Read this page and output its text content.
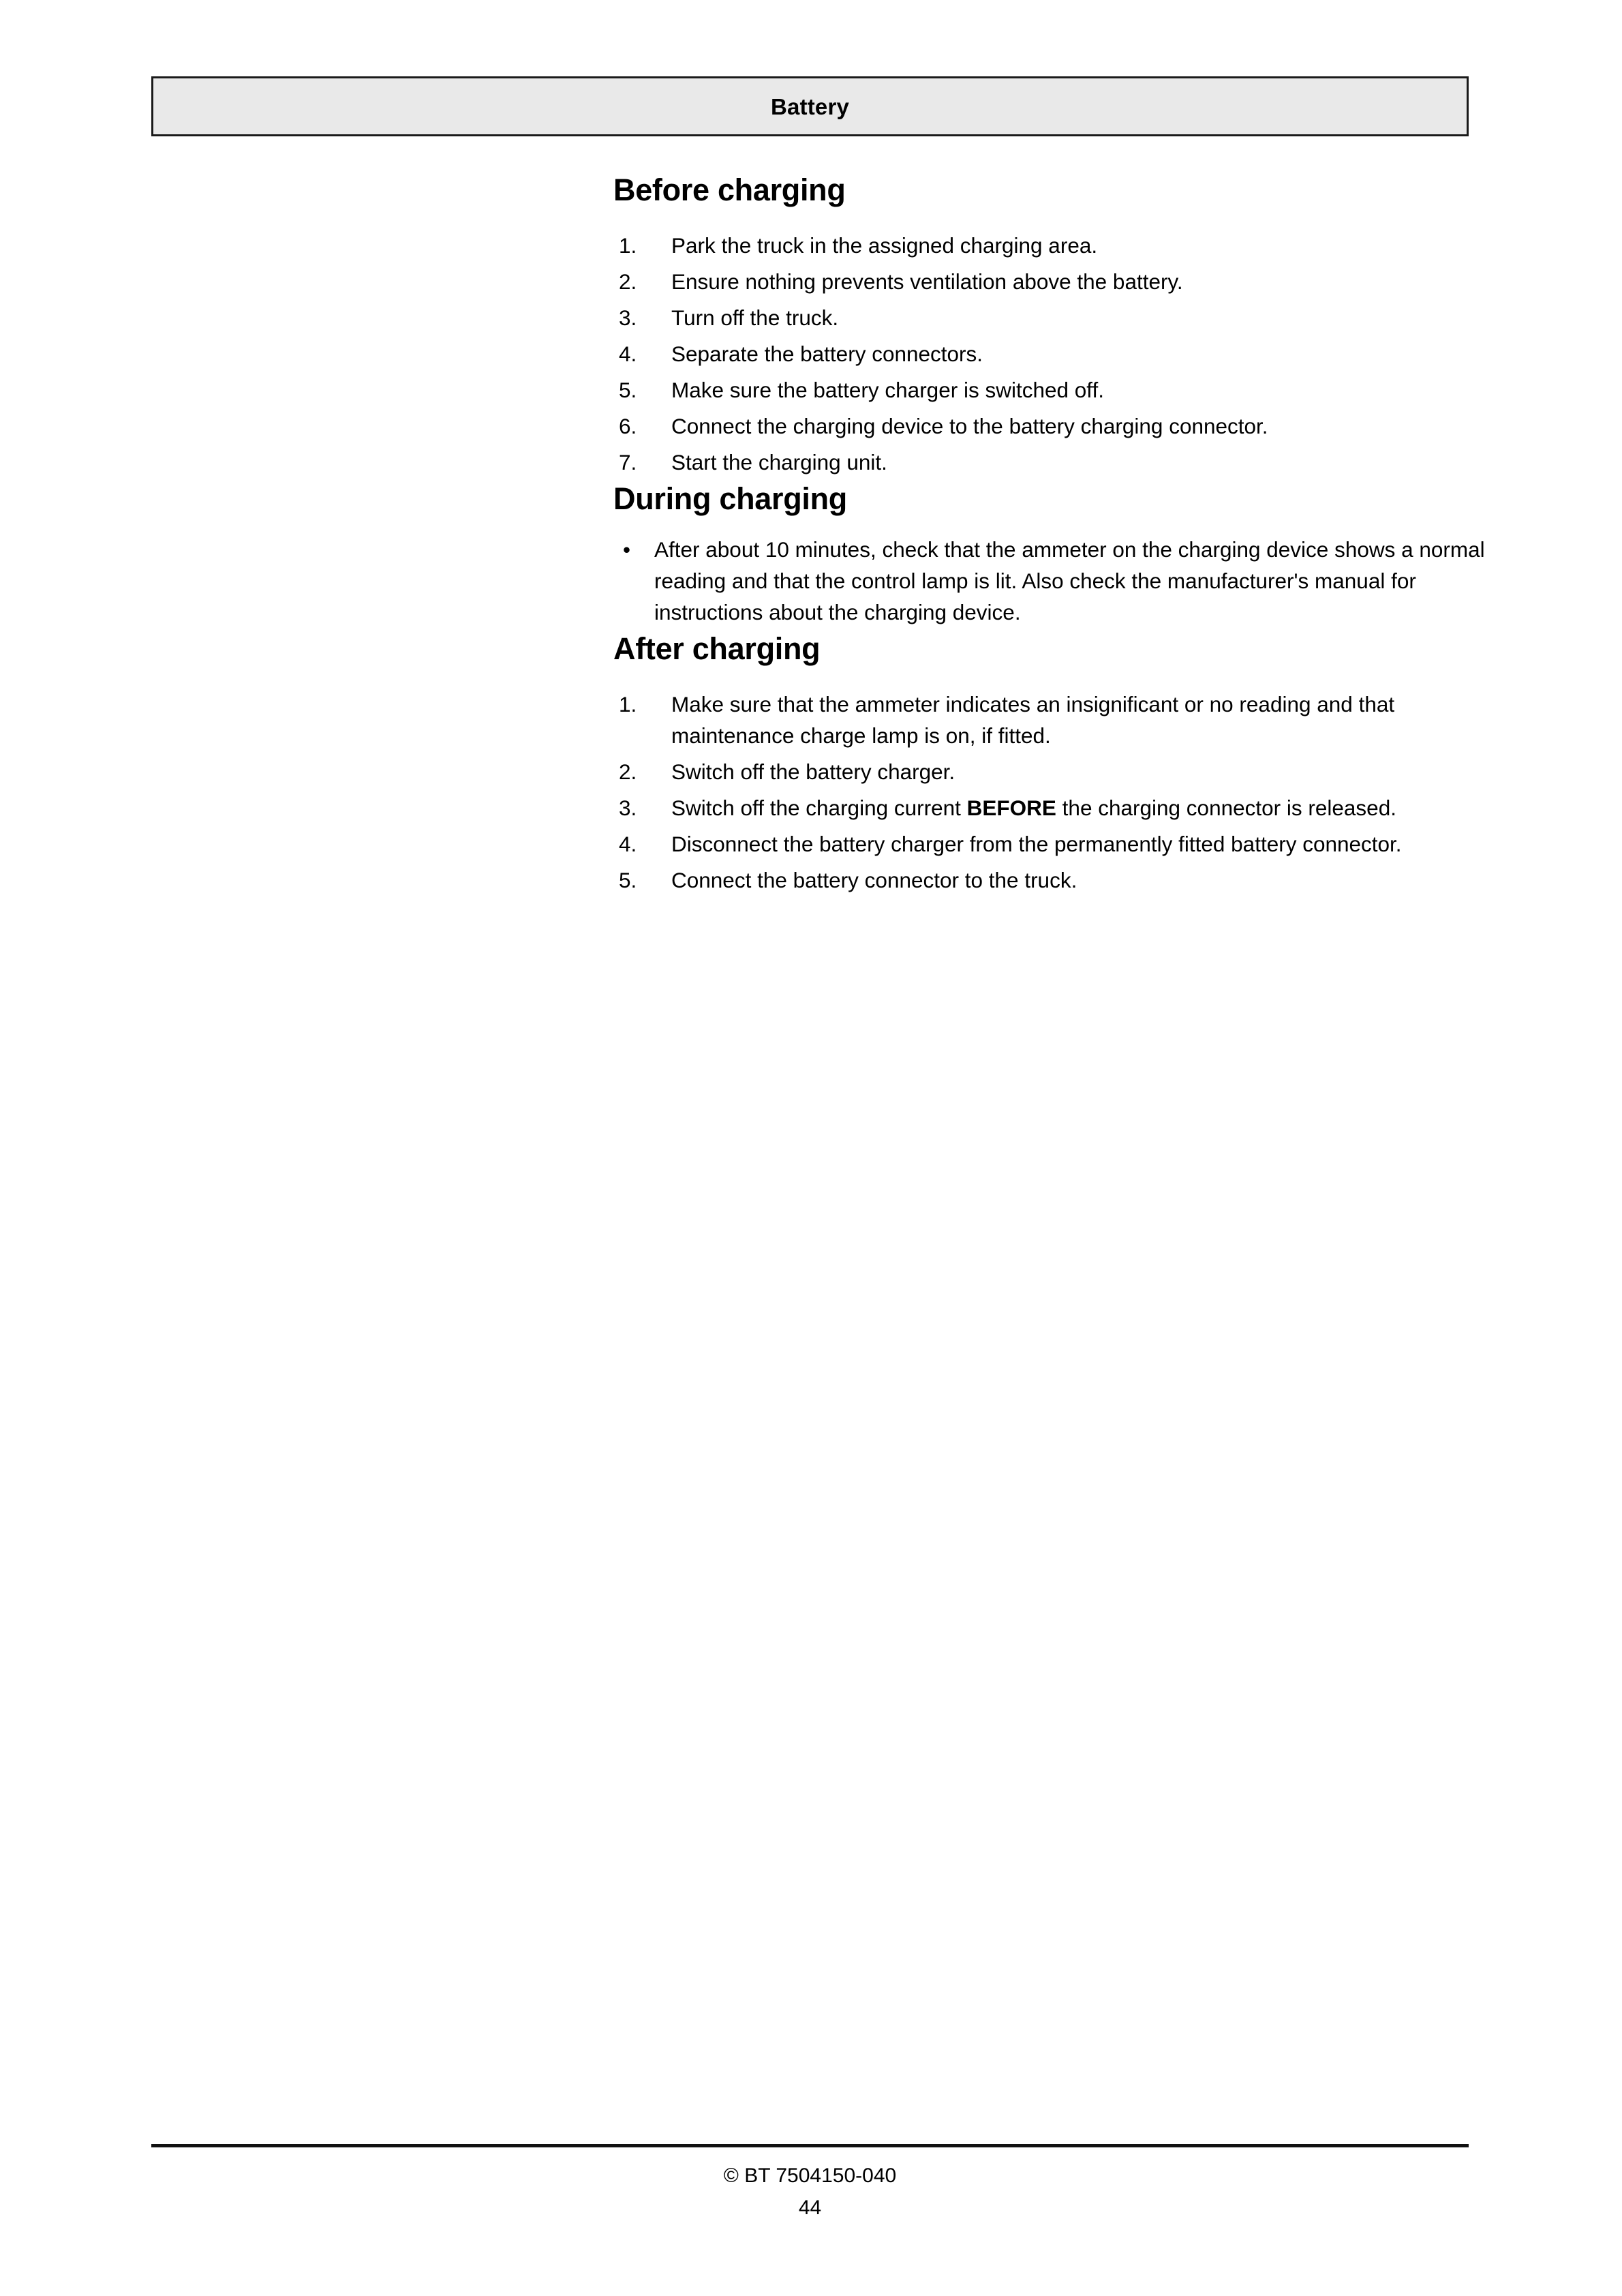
Battery
Before charging
1.	Park the truck in the assigned charging area.
2.	Ensure nothing prevents ventilation above the battery.
3.	Turn off the truck.
4.	Separate the battery connectors.
5.	Make sure the battery charger is switched off.
6.	Connect the charging device to the battery charging connector.
7.	Start the charging unit.
During charging
• After about 10 minutes, check that the ammeter on the charging device shows a normal reading and that the control lamp is lit. Also check the manufacturer's manual for instructions about the charging device.
After charging
1.	Make sure that the ammeter indicates an insignificant or no reading and that maintenance charge lamp is on, if fitted.
2.	Switch off the battery charger.
3.	Switch off the charging current BEFORE the charging connector is released.
4.	Disconnect the battery charger from the permanently fitted battery connector.
5.	Connect the battery connector to the truck.
© BT 7504150-040
44
